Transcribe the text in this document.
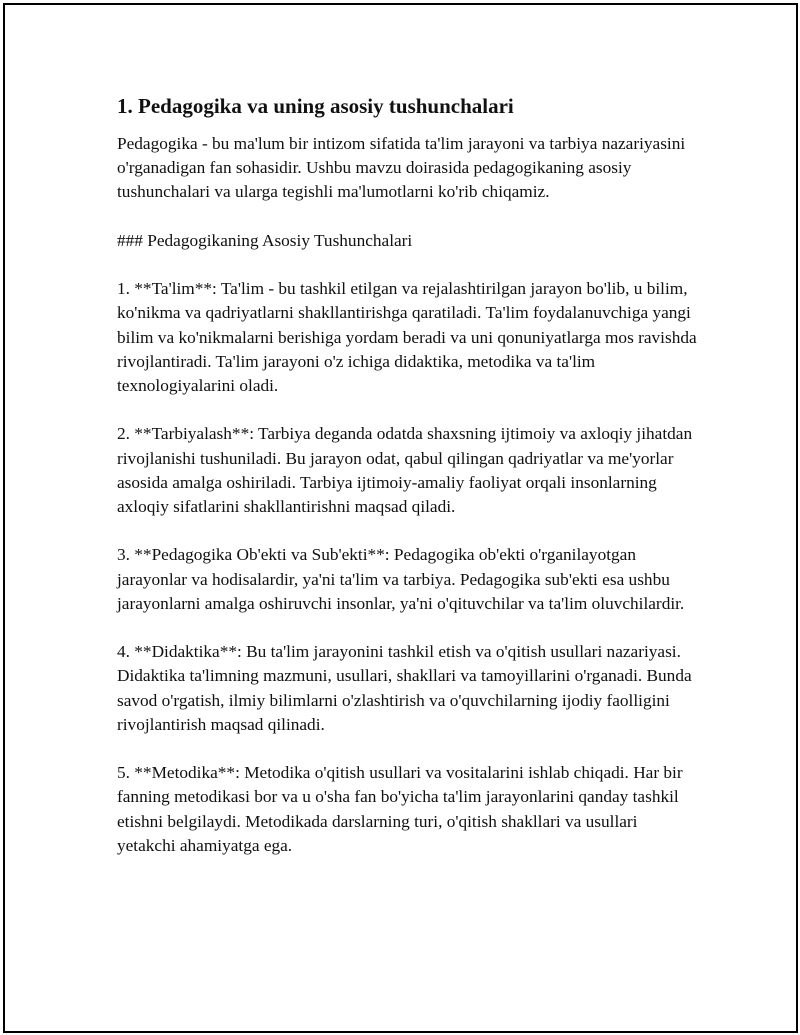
1. Pedagogika va uning asosiy tushunchalari

Pedagogika - bu ma'lum bir intizom sifatida ta'lim jarayoni va tarbiya nazariyasini o'rganadigan fan sohasidir. Ushbu mavzu doirasida pedagogikaning asosiy tushunchalari va ularga tegishli ma'lumotlarni ko'rib chiqamiz.

### Pedagogikaning Asosiy Tushunchalari

1. **Ta'lim**: Ta'lim - bu tashkil etilgan va rejalashtirilgan jarayon bo'lib, u bilim, ko'nikma va qadriyatlarni shakllantirishga qaratiladi. Ta'lim foydalanuvchiga yangi bilim va ko'nikmalarni berishiga yordam beradi va uni qonuniyatlarga mos ravishda rivojlantiradi. Ta'lim jarayoni o'z ichiga didaktika, metodika va ta'lim texnologiyalarini oladi.

2. **Tarbiyalash**: Tarbiya deganda odatda shaxsning ijtimoiy va axloqiy jihatdan rivojlanishi tushuniladi. Bu jarayon odat, qabul qilingan qadriyatlar va me'yorlar asosida amalga oshiriladi. Tarbiya ijtimoiy-amaliy faoliyat orqali insonlarning axloqiy sifatlarini shakllantirishni maqsad qiladi.

3. **Pedagogika Ob'ekti va Sub'ekti**: Pedagogika ob'ekti o'rganilayotgan jarayonlar va hodisalardir, ya'ni ta'lim va tarbiya. Pedagogika sub'ekti esa ushbu jarayonlarni amalga oshiruvchi insonlar, ya'ni o'qituvchilar va ta'lim oluvchilardir.

4. **Didaktika**: Bu ta'lim jarayonini tashkil etish va o'qitish usullari nazariyasi. Didaktika ta'limning mazmuni, usullari, shakllari va tamoyillarini o'rganadi. Bunda savod o'rgatish, ilmiy bilimlarni o'zlashtirish va o'quvchilarning ijodiy faolligini rivojlantirish maqsad qilinadi.

5. **Metodika**: Metodika o'qitish usullari va vositalarini ishlab chiqadi. Har bir fanning metodikasi bor va u o'sha fan bo'yicha ta'lim jarayonlarini qanday tashkil etishni belgilaydi. Metodikada darslarning turi, o'qitish shakllari va usullari yetakchi ahamiyatga ega.
